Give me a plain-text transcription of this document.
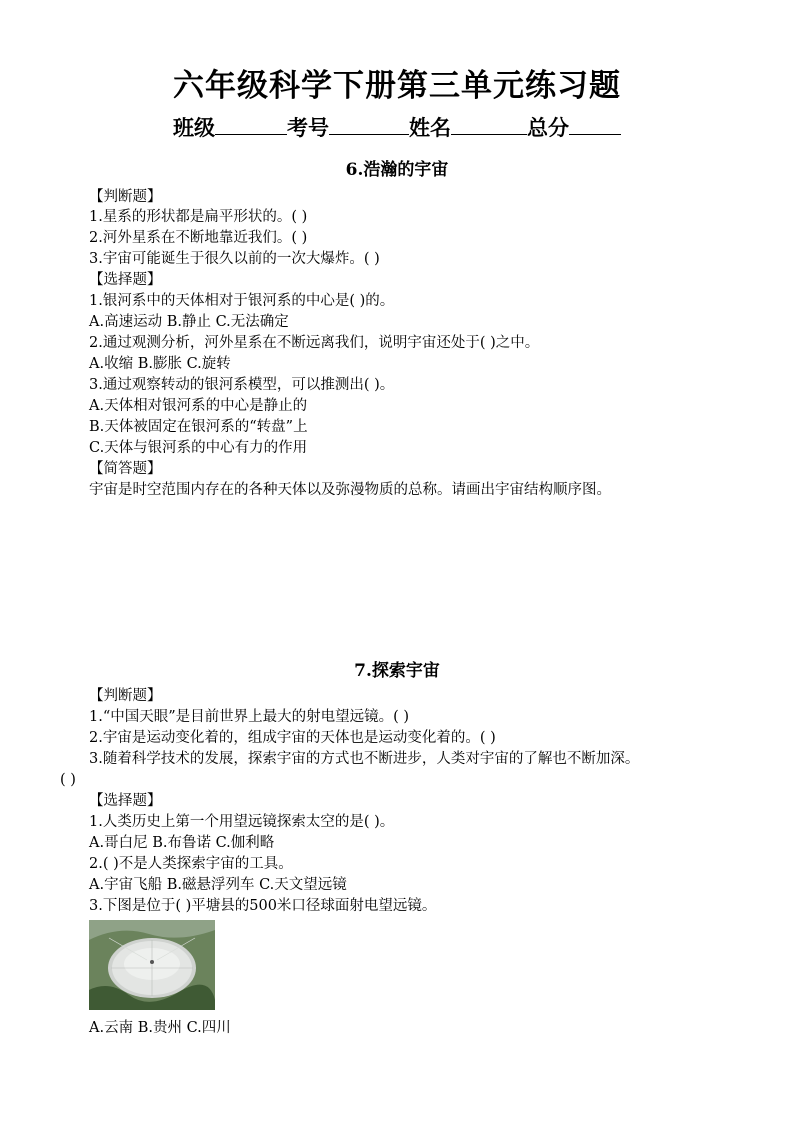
六年级科学下册第三单元练习题
班级	考号	姓名	总分
6.浩瀚的宇宙
【判断题】
1.星系的形状都是扁平形状的。( )
2.河外星系在不断地靠近我们。( )
3.宇宙可能诞生于很久以前的一次大爆炸。( )
【选择题】
1.银河系中的天体相对于银河系的中心是( )的。
A.高速运动 B.静止 C.无法确定
2.通过观测分析，河外星系在不断远离我们，说明宇宙还处于( )之中。
A.收缩 B.膨胀 C.旋转
3.通过观察转动的银河系模型，可以推测出( )。
A.天体相对银河系的中心是静止的
B.天体被固定在银河系的“转盘”上
C.天体与银河系的中心有力的作用
【简答题】
宇宙是时空范围内存在的各种天体以及弥漫物质的总称。请画出宇宙结构顺序图。
7.探索宇宙
【判断题】
1.“中国天眼”是目前世界上最大的射电望远镜。( )
2.宇宙是运动变化着的，组成宇宙的天体也是运动变化着的。( )
3.随着科学技术的发展，探索宇宙的方式也不断进步，人类对宇宙的了解也不断加深。
( )
【选择题】
1.人类历史上第一个用望远镜探索太空的是( )。
A.哥白尼 B.布鲁诺 C.伽利略
2.( )不是人类探索宇宙的工具。
A.宇宙飞船 B.磁悬浮列车 C.天文望远镜
3.下图是位于( )平塘县的500米口径球面射电望远镜。
A.云南 B.贵州 C.四川
